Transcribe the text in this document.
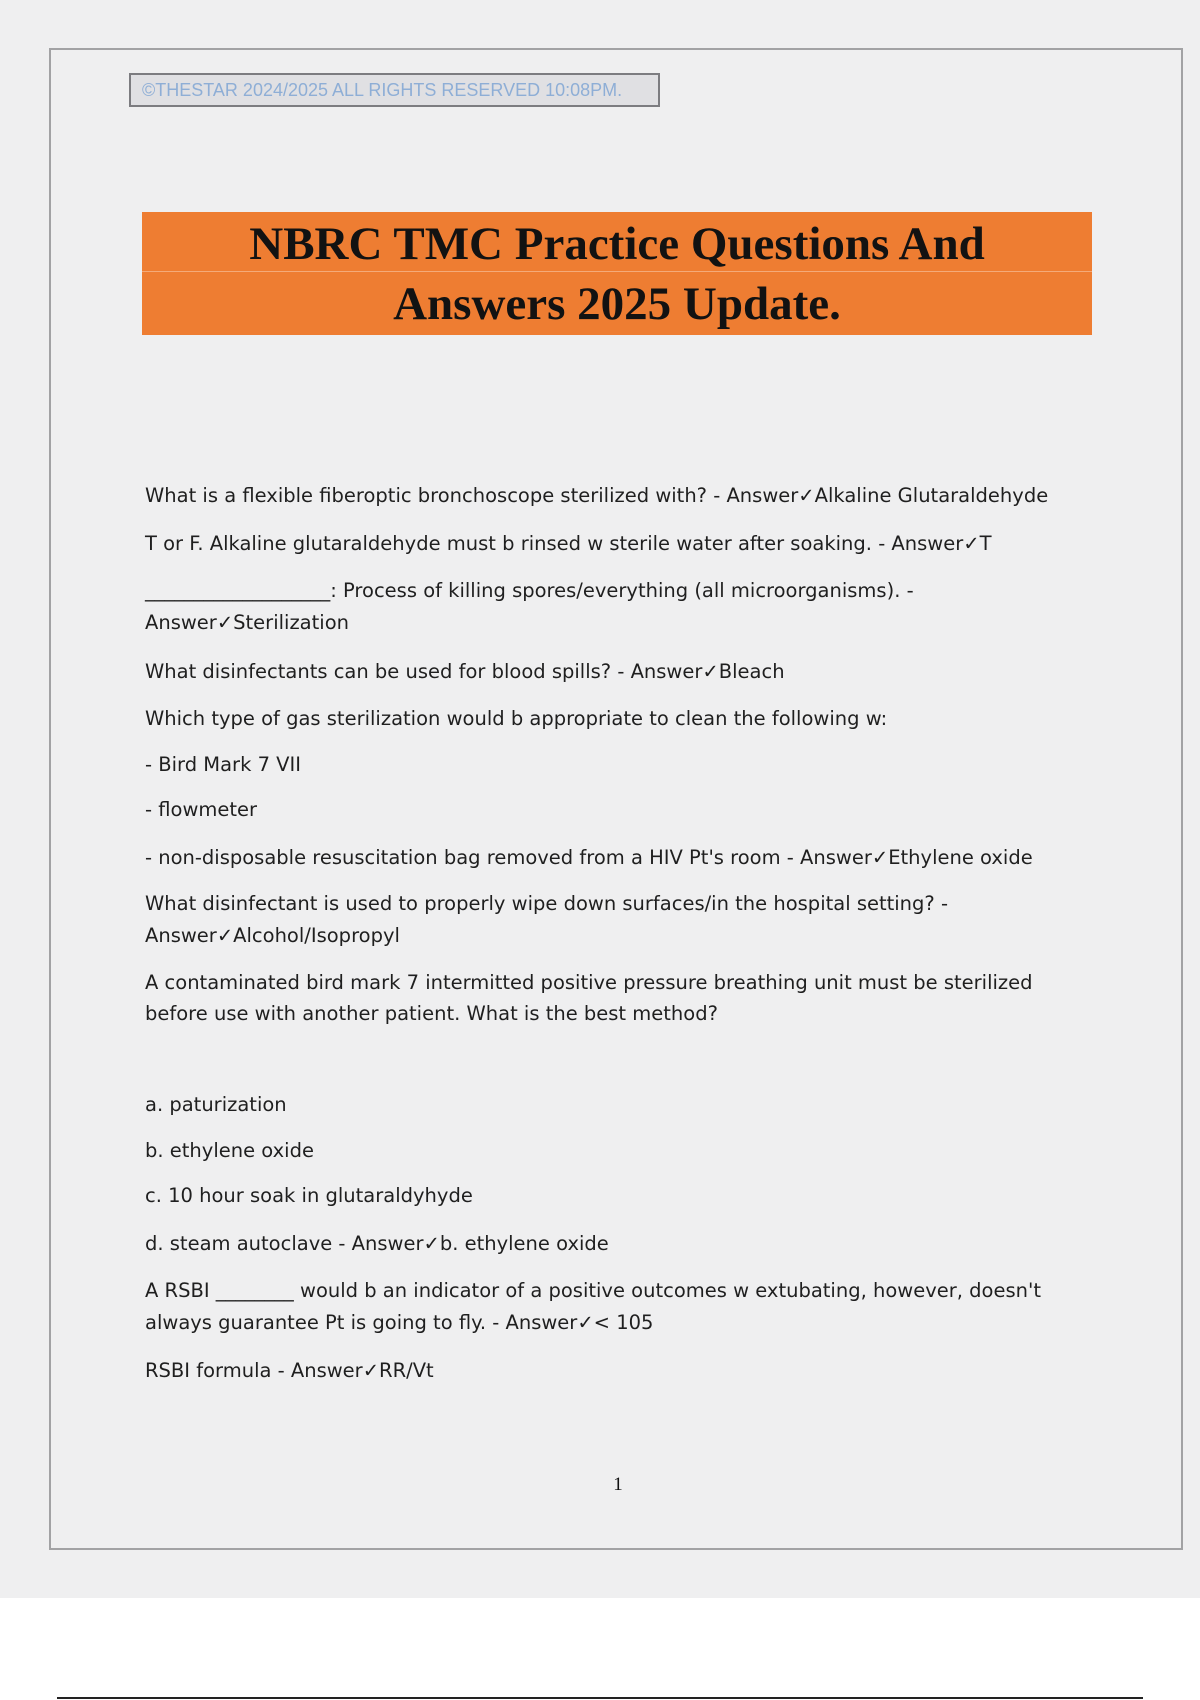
©THESTAR 2024/2025 ALL RIGHTS RESERVED 10:08PM.
NBRC TMC Practice Questions And
Answers 2025 Update.
What is a flexible fiberoptic bronchoscope sterilized with? - Answer✓Alkaline Glutaraldehyde
T or F. Alkaline glutaraldehyde must b rinsed w sterile water after soaking. - Answer✓T
___________________: Process of killing spores/everything (all microorganisms). -
Answer✓Sterilization
What disinfectants can be used for blood spills? - Answer✓Bleach
Which type of gas sterilization would b appropriate to clean the following w:
- Bird Mark 7 VII
- flowmeter
- non-disposable resuscitation bag removed from a HIV Pt's room - Answer✓Ethylene oxide
What disinfectant is used to properly wipe down surfaces/in the hospital setting? -
Answer✓Alcohol/Isopropyl
A contaminated bird mark 7 intermitted positive pressure breathing unit must be sterilized
before use with another patient. What is the best method?
a. paturization
b. ethylene oxide
c. 10 hour soak in glutaraldyhyde
d. steam autoclave - Answer✓b. ethylene oxide
A RSBI ________ would b an indicator of a positive outcomes w extubating, however, doesn't
always guarantee Pt is going to fly. - Answer✓< 105
RSBI formula - Answer✓RR/Vt
1
